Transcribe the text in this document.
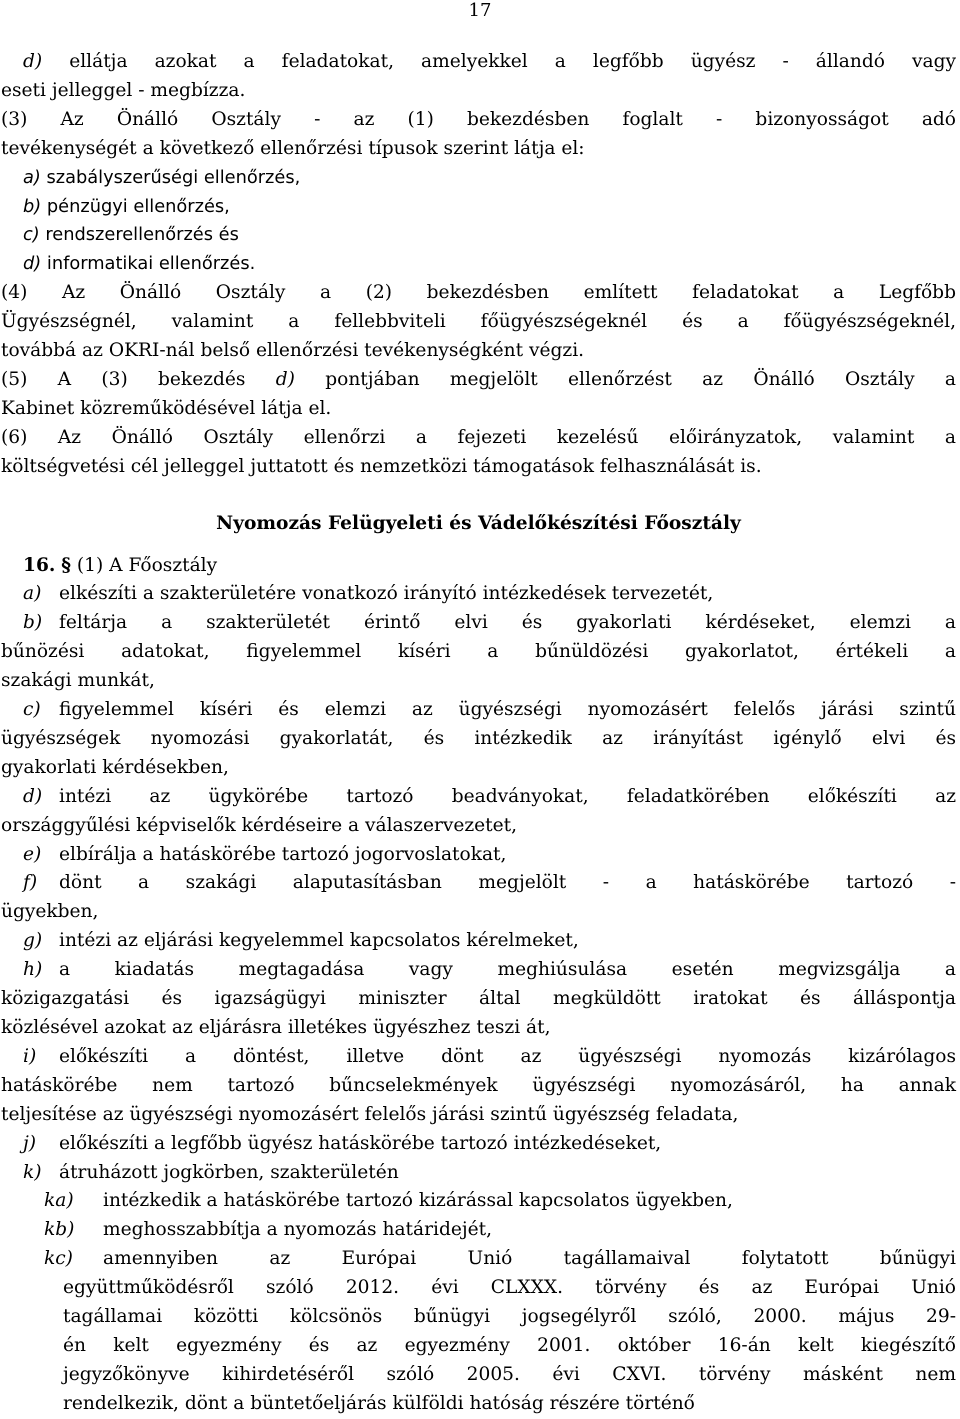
17

d) ellátja azokat a feladatokat, amelyekkel a legfőbb ügyész - állandó vagy

eseti jelleggel - megbízza.

(3) Az Önálló Osztály - az (1) bekezdésben foglalt - bizonyosságot adó

tevékenységét a következő ellenőrzési típusok szerint látja el:

a) szabályszerűségi ellenőrzés,

b) pénzügyi ellenőrzés,

c) rendszerellenőrzés és

d) informatikai ellenőrzés.

(4) Az Önálló Osztály a (2) bekezdésben említett feladatokat a Legfőbb

Ügyészségnél, valamint a fellebbviteli főügyészségeknél és a főügyészségeknél,

továbbá az OKRI-nál belső ellenőrzési tevékenységként végzi.

(5) A (3) bekezdés d) pontjában megjelölt ellenőrzést az Önálló Osztály a

Kabinet közreműködésével látja el.

(6) Az Önálló Osztály ellenőrzi a fejezeti kezelésű előirányzatok, valamint a

költségvetési cél jelleggel juttatott és nemzetközi támogatások felhasználását is.

Nyomozás Felügyeleti és Vádelőkészítési Főosztály

16. § (1) A Főosztály

a) elkészíti a szakterületére vonatkozó irányító intézkedések tervezetét,

b) feltárja a szakterületét érintő elvi és gyakorlati kérdéseket, elemzi a

bűnözési adatokat, figyelemmel kíséri a bűnüldözési gyakorlatot, értékeli a

szakági munkát,

c) figyelemmel kíséri és elemzi az ügyészségi nyomozásért felelős járási szintű

ügyészségek nyomozási gyakorlatát, és intézkedik az irányítást igénylő elvi és

gyakorlati kérdésekben,

d) intézi az ügykörébe tartozó beadványokat, feladatkörében előkészíti az

országgyűlési képviselők kérdéseire a válaszervezetet,

e) elbírálja a hatáskörébe tartozó jogorvoslatokat,

f)	dönt a szakági alaputasításban megjelölt - a hatáskörébe tartozó -

ügyekben,

g) intézi az eljárási kegyelemmel kapcsolatos kérelmeket,

h) a kiadatás megtagadása vagy meghiúsulása esetén megvizsgálja a

közigazgatási és igazságügyi miniszter által megküldött iratokat és álláspontja

közlésével azokat az eljárásra illetékes ügyészhez teszi át,

i)	előkészíti a döntést, illetve dönt az ügyészségi nyomozás kizárólagos

hatáskörébe nem tartozó bűncselekmények ügyészségi nyomozásáról, ha annak

teljesítése az ügyészségi nyomozásért felelős járási szintű ügyészség feladata,

j)	előkészíti a legfőbb ügyész hatáskörébe tartozó intézkedéseket,

k) átruházott jogkörben, szakterületén

ka)	intézkedik a hatáskörébe tartozó kizárással kapcsolatos ügyekben,

kb)	meghosszabbítja a nyomozás határidejét,

kc)	amennyiben az Európai Unió tagállamaival folytatott bűnügyi

együttműködésről szóló 2012. évi CLXXX. törvény és az Európai Unió

tagállamai közötti kölcsönös bűnügyi jogsegélyről szóló, 2000. május 29-

én kelt egyezmény és az egyezmény 2001. október 16-án kelt kiegészítő

jegyzőkönyve kihirdetéséről szóló 2005. évi CXVI. törvény másként nem

rendelkezik, dönt a büntetőeljárás külföldi hatóság részére történő
